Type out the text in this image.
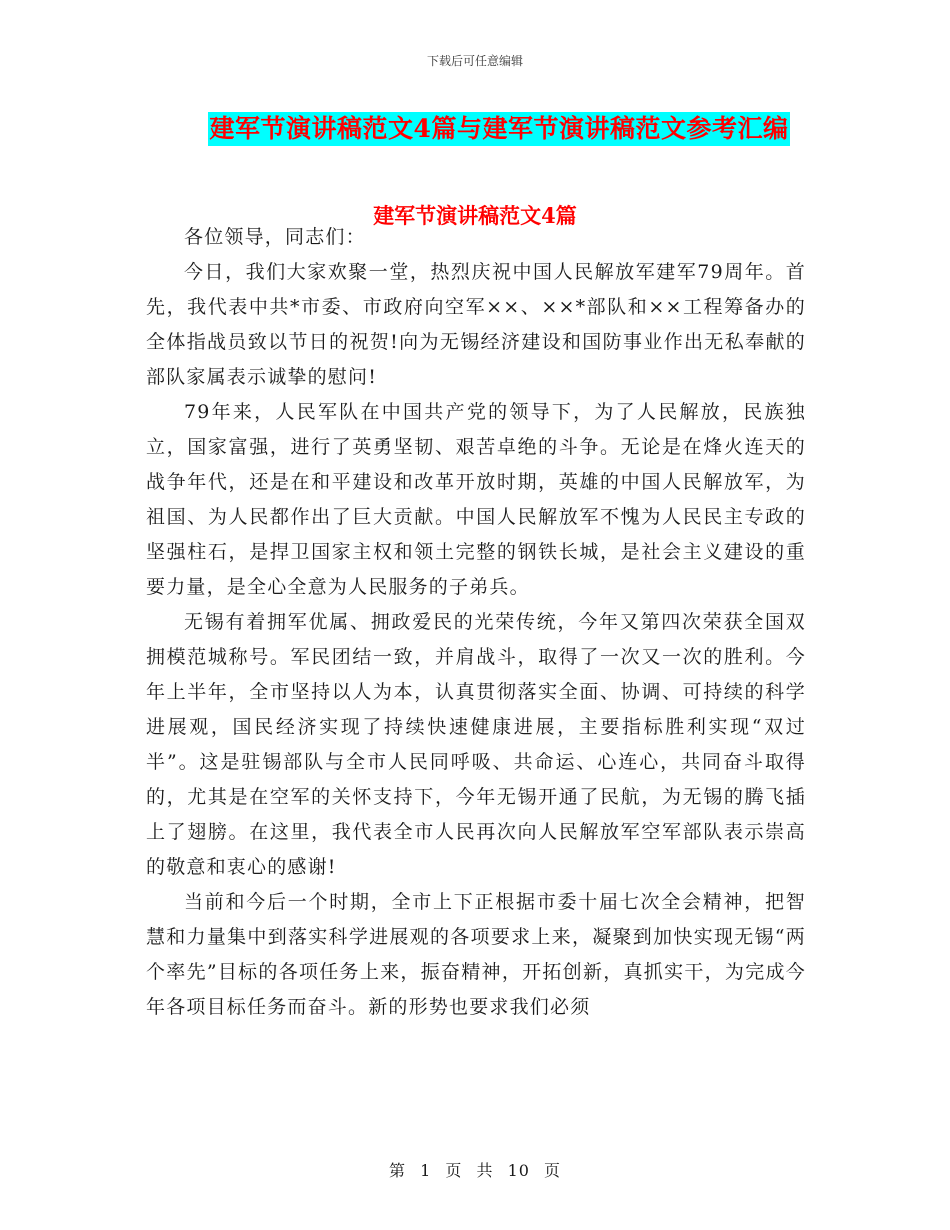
下载后可任意编辑
建军节演讲稿范文4篇与建军节演讲稿范文参考汇编
建军节演讲稿范文4篇

各位领导，同志们：

今日，我们大家欢聚一堂，热烈庆祝中国人民解放军建军79周年。首先，我代表中共*市委、市政府向空军××、××*部队和××工程筹备办的全体指战员致以节日的祝贺!向为无锡经济建设和国防事业作出无私奉献的部队家属表示诚挚的慰问!

79年来，人民军队在中国共产党的领导下，为了人民解放，民族独立，国家富强，进行了英勇坚韧、艰苦卓绝的斗争。无论是在烽火连天的战争年代，还是在和平建设和改革开放时期，英雄的中国人民解放军，为祖国、为人民都作出了巨大贡献。中国人民解放军不愧为人民民主专政的坚强柱石，是捍卫国家主权和领土完整的钢铁长城，是社会主义建设的重要力量，是全心全意为人民服务的子弟兵。

无锡有着拥军优属、拥政爱民的光荣传统，今年又第四次荣获全国双拥模范城称号。军民团结一致，并肩战斗，取得了一次又一次的胜利。今年上半年，全市坚持以人为本，认真贯彻落实全面、协调、可持续的科学进展观，国民经济实现了持续快速健康进展，主要指标胜利实现“双过半”。这是驻锡部队与全市人民同呼吸、共命运、心连心，共同奋斗取得的，尤其是在空军的关怀支持下，今年无锡开通了民航，为无锡的腾飞插上了翅膀。在这里，我代表全市人民再次向人民解放军空军部队表示崇高的敬意和衷心的感谢!

当前和今后一个时期，全市上下正根据市委十届七次全会精神，把智慧和力量集中到落实科学进展观的各项要求上来，凝聚到加快实现无锡“两个率先”目标的各项任务上来，振奋精神，开拓创新，真抓实干，为完成今年各项目标任务而奋斗。新的形势也要求我们必须

第 1 页 共 10 页
